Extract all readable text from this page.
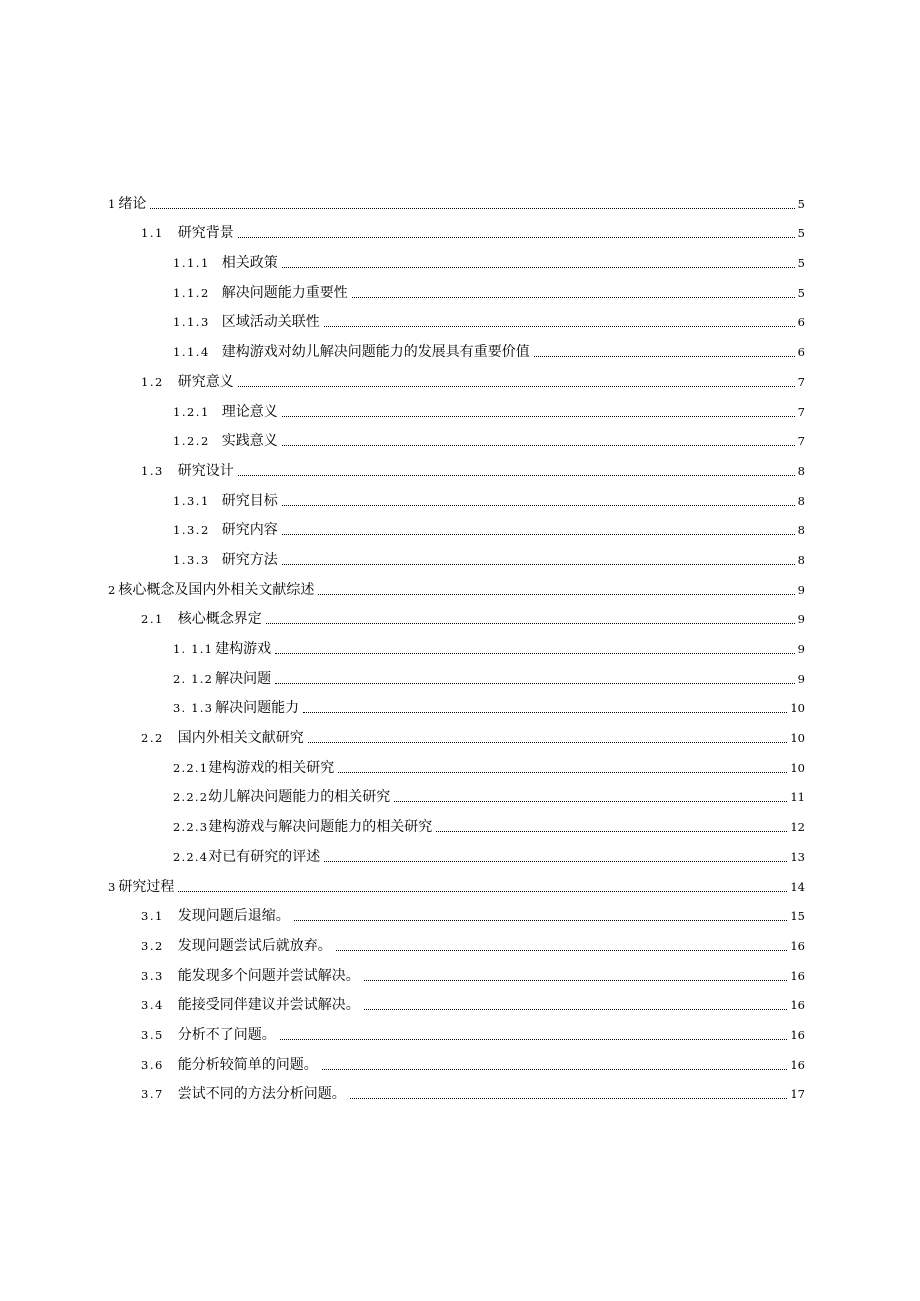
1 绪论	5
1.1 研究背景	5
1.1.1 相关政策	5
1.1.2 解决问题能力重要性	5
1.1.3 区域活动关联性	6
1.1.4 建构游戏对幼儿解决问题能力的发展具有重要价值	6
1.2 研究意义	7
1.2.1 理论意义	7
1.2.2 实践意义	7
1.3 研究设计	8
1.3.1 研究目标	8
1.3.2 研究内容	8
1.3.3 研究方法	8
2 核心概念及国内外相关文献综述	9
2.1 核心概念界定	9
1. 1.1 建构游戏	9
2. 1.2 解决问题	9
3. 1.3 解决问题能力	10
2.2 国内外相关文献研究	10
2.2.1 建构游戏的相关研究	10
2.2.2 幼儿解决问题能力的相关研究	11
2.2.3 建构游戏与解决问题能力的相关研究	12
2.2.4 对已有研究的评述	13
3 研究过程	14
3.1 发现问题后退缩。	15
3.2 发现问题尝试后就放弃。	16
3.3 能发现多个问题并尝试解决。	16
3.4 能接受同伴建议并尝试解决。	16
3.5 分析不了问题。	16
3.6 能分析较简单的问题。	16
3.7 尝试不同的方法分析问题。	17
